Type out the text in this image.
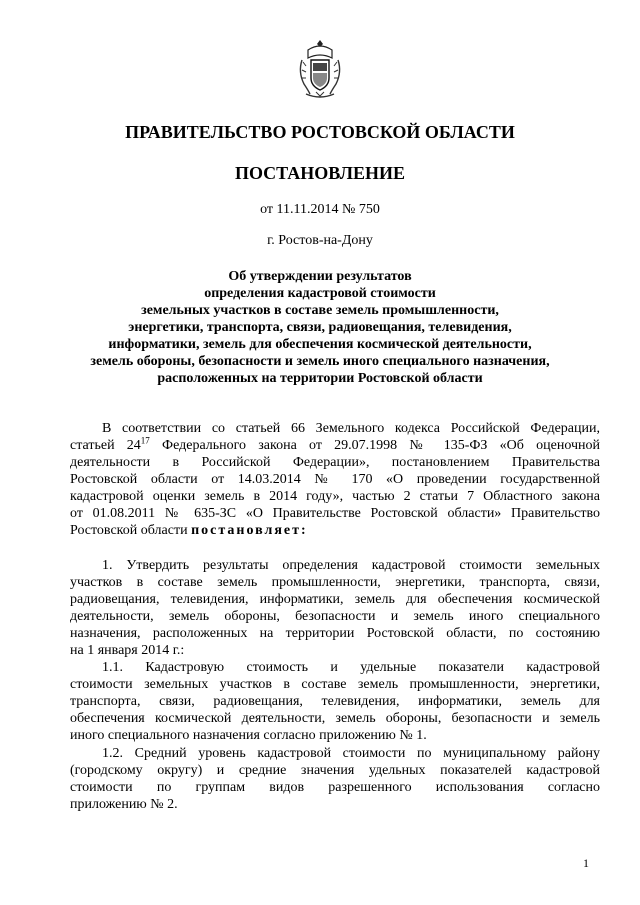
ПРАВИТЕЛЬСТВО РОСТОВСКОЙ ОБЛАСТИ
ПОСТАНОВЛЕНИЕ
от 11.11.2014 № 750
г. Ростов-на-Дону
Об утверждении результатов
определения кадастровой стоимости
земельных участков в составе земель промышленности,
энергетики, транспорта, связи, радиовещания, телевидения,
информатики, земель для обеспечения космической деятельности,
земель обороны, безопасности и земель иного специального назначения,
расположенных на территории Ростовской области
В соответствии со статьей 66 Земельного кодекса Российской Федерации,
статьей $24^{17}$ Федерального закона от 29.07.1998 № 135-ФЗ «Об оценочной
деятельности в Российской Федерации», постановлением Правительства
Ростовской области от 14.03.2014 № 170 «О проведении государственной
кадастровой оценки земель в 2014 году», частью 2 статьи 7 Областного закона
от 01.08.2011 № 635-ЗС «О Правительстве Ростовской области» Правительство
Ростовской области постановляет:
1. Утвердить результаты определения кадастровой стоимости земельных
участков в составе земель промышленности, энергетики, транспорта, связи,
радиовещания, телевидения, информатики, земель для обеспечения космической
деятельности, земель обороны, безопасности и земель иного специального
назначения, расположенных на территории Ростовской области, по состоянию
на 1 января 2014 г.:
1.1. Кадастровую стоимость и удельные показатели кадастровой
стоимости земельных участков в составе земель промышленности, энергетики,
транспорта, связи, радиовещания, телевидения, информатики, земель для
обеспечения космической деятельности, земель обороны, безопасности и земель
иного специального назначения согласно приложению № 1.
1.2. Средний уровень кадастровой стоимости по муниципальному району
(городскому округу) и средние значения удельных показателей кадастровой
стоимости по группам видов разрешенного использования согласно
приложению № 2.
1
